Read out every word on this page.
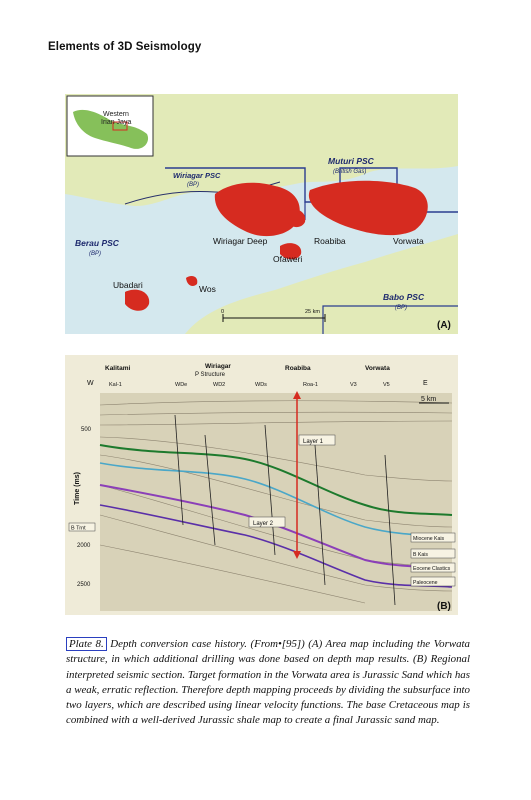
Elements of 3D Seismology
Western
Irian Jaya
Muturi PSC
(British Gas)
Wiriagar PSC
(BP)
Berau PSC
(BP)
Babo PSC
(BP)
Wiriagar Deep	Roabiba	Vorwata
Ofaweri
Ubadari	Wos
0	25 km
(A)
Kalitami	Wiriagar
P Structure
Roabiba	Vorwata
Kal-1	WDe	WD2	WDs	Roa-1	V3	V5
W	E
5 km
Time (ms)
500
2000
2500
B Trnt
Layer 1
Layer 2
Miocene Kais
B Kais
Eocene Clastics
Paleocene
(B)
Plate 8. Depth conversion case history. (From•[95]) (A) Area map including the Vorwata structure, in which additional drilling was done based on depth map results. (B) Regional interpreted seismic section. Target formation in the Vorwata area is Jurassic Sand which has a weak, erratic reflection. Therefore depth mapping proceeds by dividing the subsurface into two layers, which are described using linear velocity functions. The base Cretaceous map is combined with a well-derived Jurassic shale map to create a final Jurassic sand map.
